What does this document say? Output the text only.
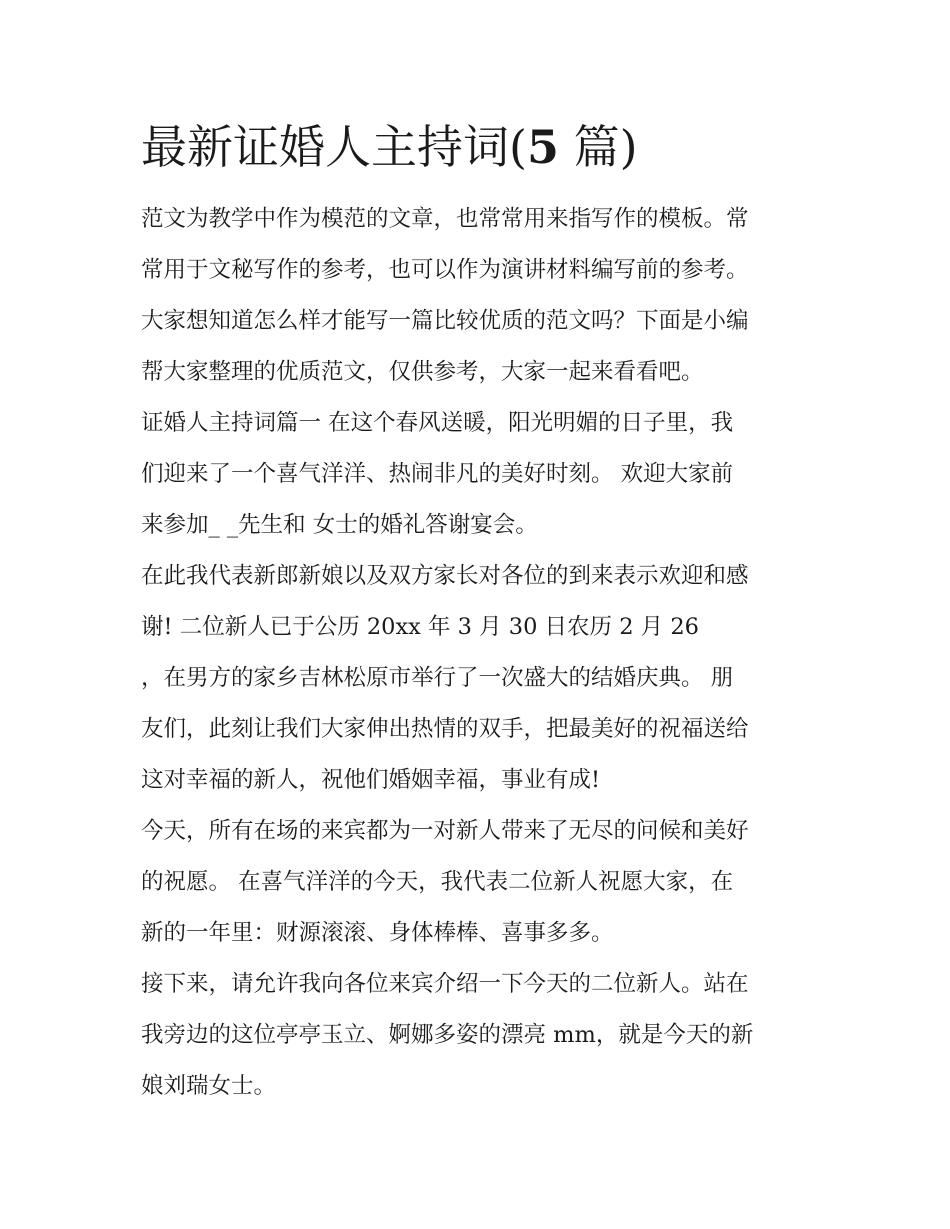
最新证婚人主持词(5 篇)
范文为教学中作为模范的文章，也常常用来指写作的模板。常
常用于文秘写作的参考，也可以作为演讲材料编写前的参考。
大家想知道怎么样才能写一篇比较优质的范文吗？下面是小编
帮大家整理的优质范文，仅供参考，大家一起来看看吧。
证婚人主持词篇一 在这个春风送暖，阳光明媚的日子里，我
们迎来了一个喜气洋洋、热闹非凡的美好时刻。 欢迎大家前
来参加_ _先生和 女士的婚礼答谢宴会。
在此我代表新郎新娘以及双方家长对各位的到来表示欢迎和感
谢! 二位新人已于公历 20xx 年 3 月 30 日农历 2 月 26
，在男方的家乡吉林松原市举行了一次盛大的结婚庆典。 朋
友们，此刻让我们大家伸出热情的双手，把最美好的祝福送给
这对幸福的新人，祝他们婚姻幸福，事业有成!
今天，所有在场的来宾都为一对新人带来了无尽的问候和美好
的祝愿。 在喜气洋洋的今天，我代表二位新人祝愿大家，在
新的一年里：财源滚滚、身体棒棒、喜事多多。
接下来，请允许我向各位来宾介绍一下今天的二位新人。站在
我旁边的这位亭亭玉立、婀娜多姿的漂亮 mm，就是今天的新
娘刘瑞女士。
